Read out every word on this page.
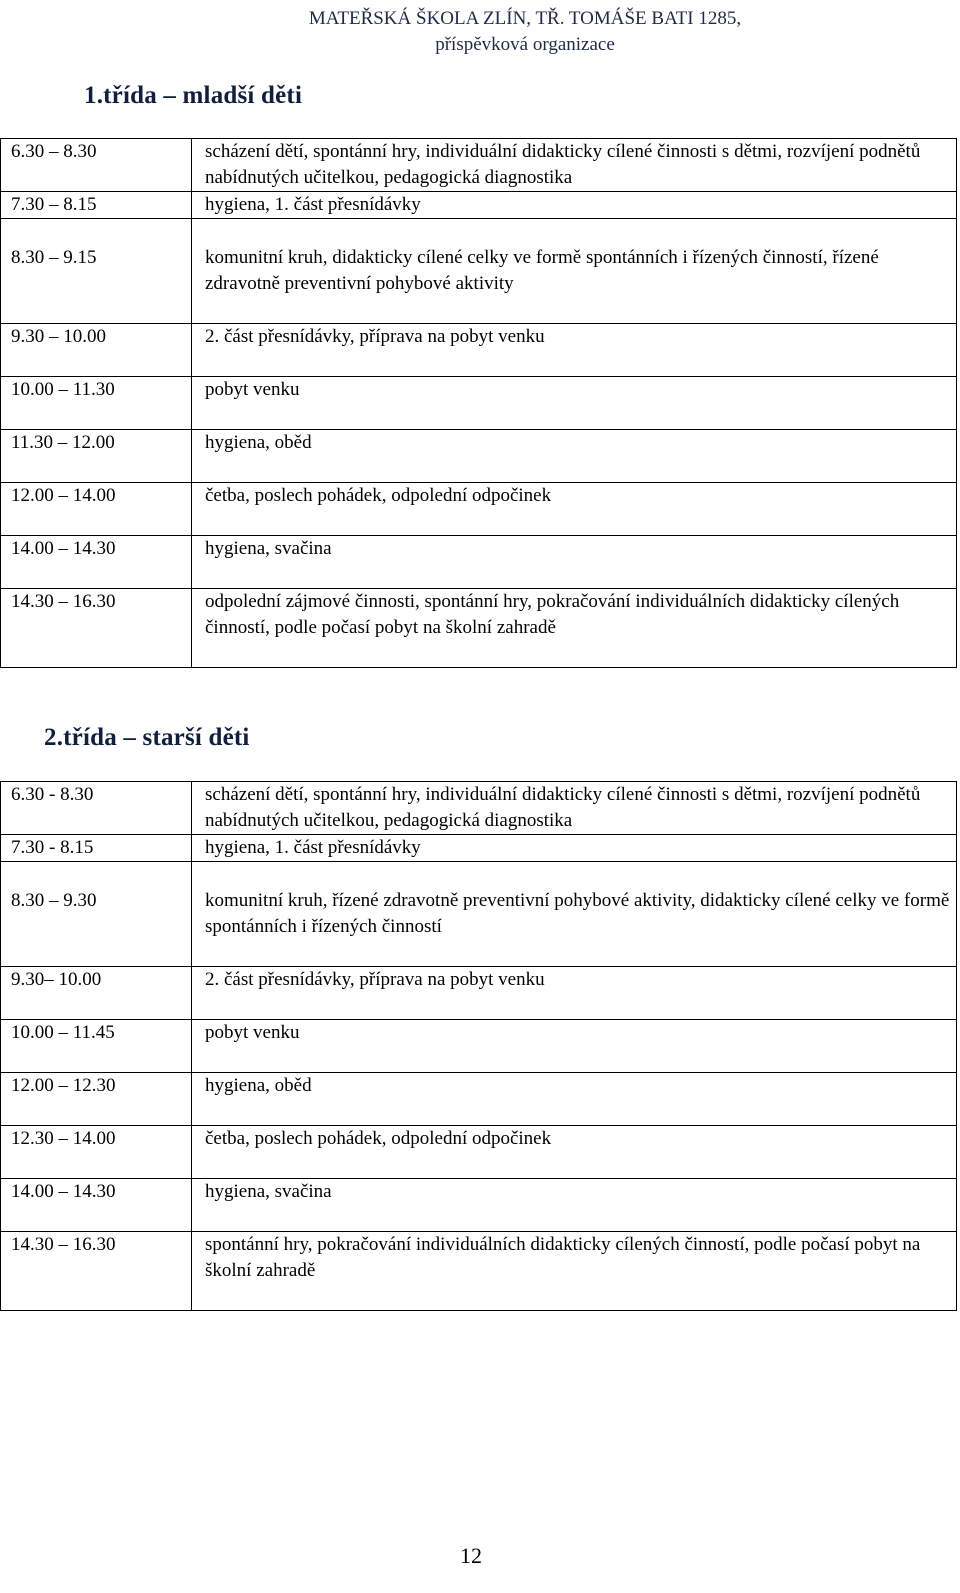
MATEŘSKÁ ŠKOLA ZLÍN, TŘ. TOMÁŠE BATI 1285,
příspěvková organizace
1.třída – mladší děti
6.30 – 8.30	scházení dětí, spontánní hry, individuální didakticky cílené činnosti s dětmi, rozvíjení podnětů nabídnutých učitelkou, pedagogická diagnostika
7.30 – 8.15	hygiena, 1. část přesnídávky
8.30 – 9.15	komunitní kruh, didakticky cílené celky ve formě spontánních i řízených činností, řízené zdravotně preventivní pohybové aktivity
9.30 – 10.00	2. část přesnídávky, příprava na pobyt venku
10.00 – 11.30	pobyt venku
11.30 – 12.00	hygiena, oběd
12.00 – 14.00	četba, poslech pohádek, odpolední odpočinek
14.00 – 14.30	hygiena, svačina
14.30 – 16.30	odpolední zájmové činnosti, spontánní hry, pokračování individuálních didakticky cílených činností, podle počasí pobyt na školní zahradě
2.třída – starší děti
6.30 - 8.30	scházení dětí, spontánní hry, individuální didakticky cílené činnosti s dětmi, rozvíjení podnětů nabídnutých učitelkou, pedagogická diagnostika
7.30 - 8.15	hygiena, 1. část přesnídávky
8.30 – 9.30	komunitní kruh, řízené zdravotně preventivní pohybové aktivity, didakticky cílené celky ve formě spontánních i řízených činností
9.30– 10.00	2. část přesnídávky, příprava na pobyt venku
10.00 – 11.45	pobyt venku
12.00 – 12.30	hygiena, oběd
12.30 – 14.00	četba, poslech pohádek, odpolední odpočinek
14.00 – 14.30	hygiena, svačina
14.30 – 16.30	spontánní hry, pokračování individuálních didakticky cílených činností, podle počasí pobyt na školní zahradě
12
